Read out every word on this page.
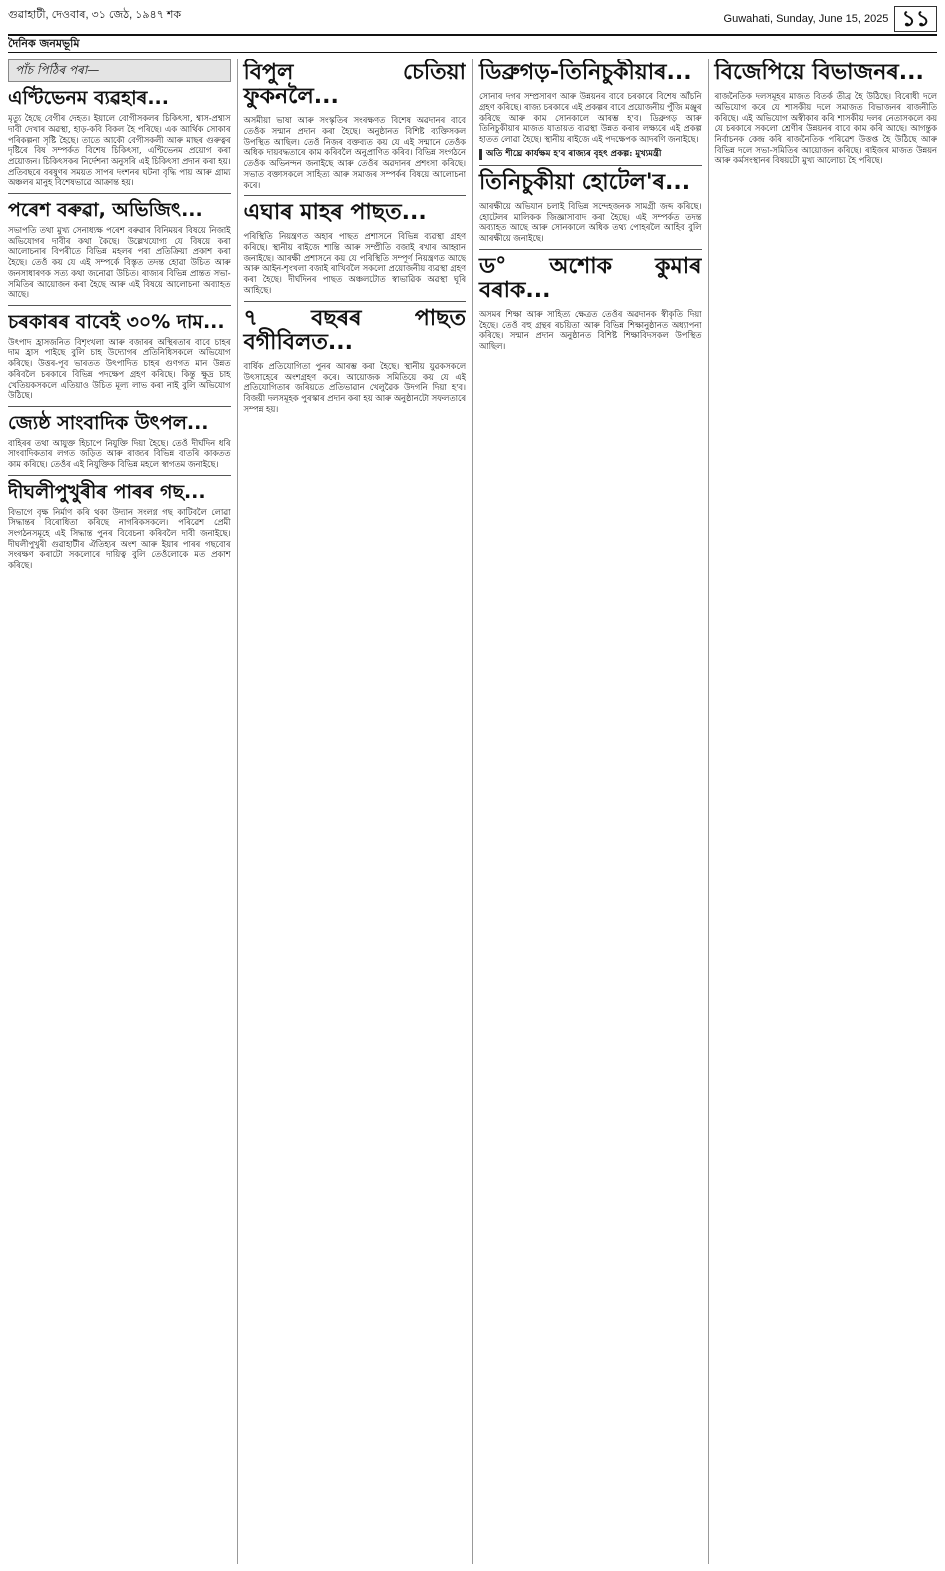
গুৱাহাটী, দেওবাৰ, ৩১ জেঠ, ১৯৪৭ শক	Guwahati, Sunday, June 15, 2025 ১১
দৈনিক জনমভূমি
পাঁচ পিঠিৰ পৰা—
এণ্টিভেনম ব্যৱহাৰ...

মৃত্যু হৈছে বেগীৰ দেহত। ইয়ালে বোগীসকলৰ চিকিৎসা, শ্বাস-প্ৰশ্বাস দাবী দেখাৰ অৱস্থা, হাড়-কবি বিকল হৈ পৰিছে। এক আৰ্থিক সোকাৰ পৰিকল্পনা সৃষ্টি হৈছে। তাতে আকৌ বেগীসকলী আৰু মাছৰ গুৰুত্বৰ দৃষ্টিৰে বিষ সম্পৰ্কত বিশেষ চিকিৎসা, এণ্টিভেনম প্ৰয়োগ কৰা প্ৰয়োজন। চিকিৎসকৰ নিৰ্দেশনা অনুসৰি এই চিকিৎসা প্ৰদান কৰা হয়। প্ৰতিবছৰে বৰষুণৰ সময়ত সাপৰ দংশনৰ ঘটনা বৃদ্ধি পায় আৰু গ্ৰাম্য অঞ্চলৰ মানুহ বিশেষভাৱে আক্ৰান্ত হয়।

পৰেশ বৰুৱা, অভিজিৎ...

সভাপতি তথা মুখ্য সেনাধ্যক্ষ পৰেশ বৰুৱাৰ বিনিময়ৰ বিষয়ে নিজাই অভিযোগৰ দাবীৰ কথা কৈছে। উল্লেখযোগ্য যে বিষয়ে কৰা আলোচনাৰ বিপৰীতে বিভিন্ন মহলৰ পৰা প্ৰতিক্ৰিয়া প্ৰকাশ কৰা হৈছে। তেওঁ কয় যে এই সম্পৰ্কে বিস্তৃত তদন্ত হোৱা উচিত আৰু জনসাধাৰণক সত্য কথা জনোৱা উচিত। ৰাজ্যৰ বিভিন্ন প্ৰান্তত সভা-সমিতিৰ আয়োজন কৰা হৈছে আৰু এই বিষয়ে আলোচনা অব্যাহত আছে।

চৰকাৰৰ বাবেই ৩০% দাম...

উৎপাদ হ্ৰাসজনিত বিশৃংখলা আৰু বজাৰৰ অস্থিৰতাৰ বাবে চাহৰ দাম হ্ৰাস পাইছে বুলি চাহ উদ্যোগৰ প্ৰতিনিধিসকলে অভিযোগ কৰিছে। উত্তৰ-পূব ভাৰতত উৎপাদিত চাহৰ গুণগত মান উন্নত কৰিবলৈ চৰকাৰে বিভিন্ন পদক্ষেপ গ্ৰহণ কৰিছে। কিন্তু ক্ষুদ্ৰ চাহ খেতিয়কসকলে এতিয়াও উচিত মূল্য লাভ কৰা নাই বুলি অভিযোগ উঠিছে।

জ্যেষ্ঠ সাংবাদিক উৎপল...

বাহিৰৰ তথা আযুক্ত হিচাপে নিযুক্তি দিয়া হৈছে। তেওঁ দীৰ্ঘদিন ধৰি সাংবাদিকতাৰ লগত জড়িত আৰু ৰাজ্যৰ বিভিন্ন বাতৰি কাকতত কাম কৰিছে। তেওঁৰ এই নিযুক্তিক বিভিন্ন মহলে স্বাগতম জনাইছে।

দীঘলীপুখুৰীৰ পাৰৰ গছ...

বিভাগে বৃক্ষ নিৰ্মাণ কৰি থকা উদ্যান সংলগ্ন গছ কাটিবলৈ লোৱা সিদ্ধান্তৰ বিৰোধিতা কৰিছে নাগৰিকসকলে। পৰিৱেশ প্ৰেমী সংগঠনসমূহে এই সিদ্ধান্ত পুনৰ বিবেচনা কৰিবলৈ দাবী জনাইছে। দীঘলীপুখুৰী গুৱাহাটীৰ ঐতিহ্যৰ অংশ আৰু ইয়াৰ পাৰৰ গছবোৰ সংৰক্ষণ কৰাটো সকলোৰে দায়িত্ব বুলি তেওঁলোকে মত প্ৰকাশ কৰিছে।

বিপুল চেতিয়া ফুকনলৈ...

অসমীয়া ভাষা আৰু সংস্কৃতিৰ সংৰক্ষণত বিশেষ অৱদানৰ বাবে তেওঁক সন্মান প্ৰদান কৰা হৈছে। অনুষ্ঠানত বিশিষ্ট ব্যক্তিসকল উপস্থিত আছিল। তেওঁ নিজৰ বক্তব্যত কয় যে এই সন্মানে তেওঁক অধিক দায়বদ্ধতাৰে কাম কৰিবলৈ অনুপ্ৰাণিত কৰিব। বিভিন্ন সংগঠনে তেওঁক অভিনন্দন জনাইছে আৰু তেওঁৰ অৱদানৰ প্ৰশংসা কৰিছে। সভাত বক্তাসকলে সাহিত্য আৰু সমাজৰ সম্পৰ্কৰ বিষয়ে আলোচনা কৰে।

এঘাৰ মাহৰ পাছত...

পৰিস্থিতি নিয়ন্ত্ৰণত অহাৰ পাছত প্ৰশাসনে বিভিন্ন ব্যৱস্থা গ্ৰহণ কৰিছে। স্থানীয় ৰাইজে শান্তি আৰু সম্প্ৰীতি বজাই ৰখাৰ আহ্বান জনাইছে। আৰক্ষী প্ৰশাসনে কয় যে পৰিস্থিতি সম্পূৰ্ণ নিয়ন্ত্ৰণত আছে আৰু আইন-শৃংখলা বজাই ৰাখিবলৈ সকলো প্ৰয়োজনীয় ব্যৱস্থা গ্ৰহণ কৰা হৈছে। দীৰ্ঘদিনৰ পাছত অঞ্চলটোত স্বাভাৱিক অৱস্থা ঘূৰি আহিছে।

৭ বছৰৰ পাছত বগীবিলত...

বাৰ্ষিক প্ৰতিযোগিতা পুনৰ আৰম্ভ কৰা হৈছে। স্থানীয় যুৱকসকলে উৎসাহেৰে অংশগ্ৰহণ কৰে। আয়োজক সমিতিয়ে কয় যে এই প্ৰতিযোগিতাৰ জৰিয়তে প্ৰতিভাৱান খেলুৱৈক উদগনি দিয়া হ'ব। বিজয়ী দলসমূহক পুৰস্কাৰ প্ৰদান কৰা হয় আৰু অনুষ্ঠানটো সফলতাৰে সম্পন্ন হয়।

ডিব্ৰুগড়-তিনিচুকীয়াৰ...

সোনাৰ দগৰ সম্প্ৰসাৰণ আৰু উন্নয়নৰ বাবে চৰকাৰে বিশেষ আঁচনি গ্ৰহণ কৰিছে। ৰাজ্য চৰকাৰে এই প্ৰকল্পৰ বাবে প্ৰয়োজনীয় পুঁজি মঞ্জুৰ কৰিছে আৰু কাম সোনকালে আৰম্ভ হ'ব। ডিব্ৰুগড় আৰু তিনিচুকীয়াৰ মাজত যাতায়ত ব্যৱস্থা উন্নত কৰাৰ লক্ষ্যৰে এই প্ৰকল্প হাতত লোৱা হৈছে। স্থানীয় ৰাইজে এই পদক্ষেপক আদৰণি জনাইছে।

অতি শীঘ্ৰে কাৰ্যক্ষম হ'ব ৰাজ্যৰ বৃহৎ প্ৰকল্প: মুখ্যমন্ত্ৰী
তিনিচুকীয়া হোটেল'ৰ...

আৰক্ষীয়ে অভিযান চলাই বিভিন্ন সন্দেহজনক সামগ্ৰী জব্দ কৰিছে। হোটেলৰ মালিকক জিজ্ঞাসাবাদ কৰা হৈছে। এই সম্পৰ্কত তদন্ত অব্যাহত আছে আৰু সোনকালে অধিক তথ্য পোহৰলৈ আহিব বুলি আৰক্ষীয়ে জনাইছে।

ড° অশোক কুমাৰ বৰাক...

অসমৰ শিক্ষা আৰু সাহিত্য ক্ষেত্ৰত তেওঁৰ অৱদানক স্বীকৃতি দিয়া হৈছে। তেওঁ বহু গ্ৰন্থৰ ৰচয়িতা আৰু বিভিন্ন শিক্ষানুষ্ঠানত অধ্যাপনা কৰিছে। সন্মান প্ৰদান অনুষ্ঠানত বিশিষ্ট শিক্ষাবিদসকল উপস্থিত আছিল।

বিজেপিয়ে বিভাজনৰ...

ৰাজনৈতিক দলসমূহৰ মাজত বিতৰ্ক তীব্ৰ হৈ উঠিছে। বিৰোধী দলে অভিযোগ কৰে যে শাসকীয় দলে সমাজত বিভাজনৰ ৰাজনীতি কৰিছে। এই অভিযোগ অস্বীকাৰ কৰি শাসকীয় দলৰ নেতাসকলে কয় যে চৰকাৰে সকলো শ্ৰেণীৰ উন্নয়নৰ বাবে কাম কৰি আছে। আগন্তুক নিৰ্বাচনক কেন্দ্ৰ কৰি ৰাজনৈতিক পৰিৱেশ উত্তপ্ত হৈ উঠিছে আৰু বিভিন্ন দলে সভা-সমিতিৰ আয়োজন কৰিছে। ৰাইজৰ মাজত উন্নয়ন আৰু কৰ্মসংস্থানৰ বিষয়টো মুখ্য আলোচ্য হৈ পৰিছে।
